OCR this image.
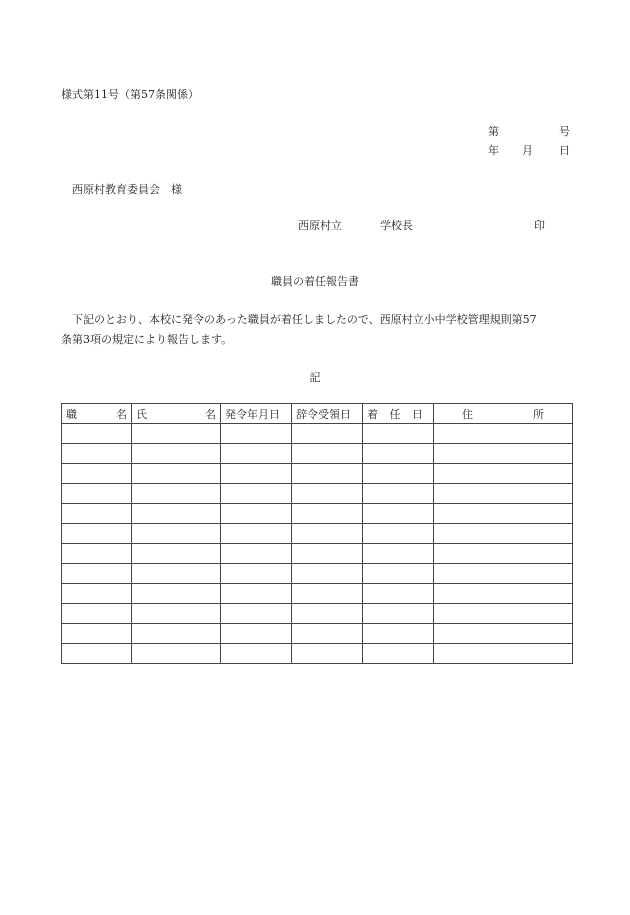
様式第11号（第57条関係）
第	号
年 月 日
西原村教育委員会　様
西原村立	学校長	印
職員の着任報告書
下記のとおり、本校に発令のあった職員が着任しましたので、西原村立小中学校管理規則第57
条第3項の規定により報告します。
記
職 名	氏 名	発令年月日	辞令受領日	着 任 日	住 所
